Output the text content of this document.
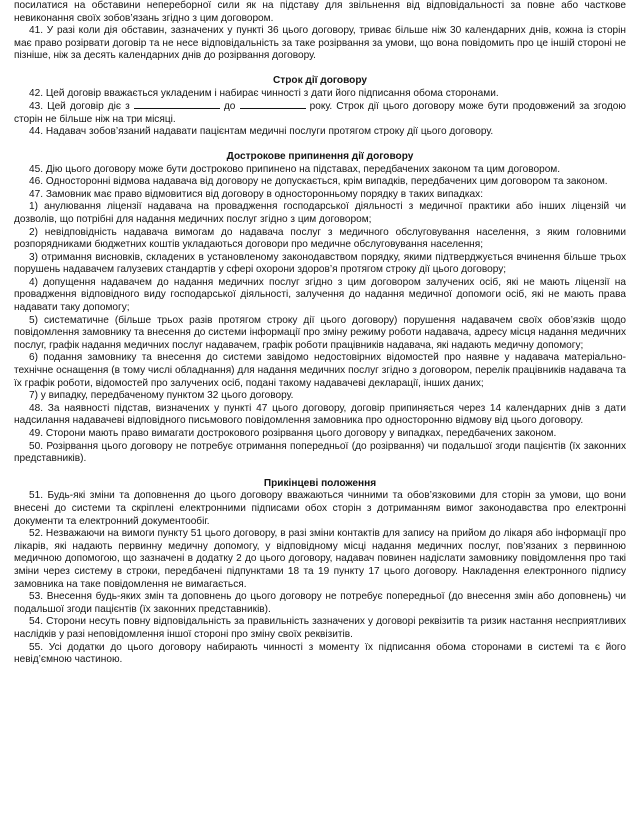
посилатися на обставини непереборної сили як на підставу для звільнення від відповідальності за повне або часткове невиконання своїх зобов’язань згідно з цим договором.

41. У разі коли дія обставин, зазначених у пункті 36 цього договору, триває більше ніж 30 календарних днів, кожна із сторін має право розірвати договір та не несе відповідальність за таке розірвання за умови, що вона повідомить про це іншій стороні не пізніше, ніж за десять календарних днів до розірвання договору.

Строк дії договору

42. Цей договір вважається укладеним і набирає чинності з дати його підписання обома сторонами.

43. Цей договір діє з	до	року. Строк дії цього договору може бути продовжений за згодою сторін не більше ніж на три місяці.

44. Надавач зобов’язаний надавати пацієнтам медичні послуги протягом строку дії цього договору.

Дострокове припинення дії договору

45. Дію цього договору може бути достроково припинено на підставах, передбачених законом та цим договором.

46. Односторонні відмова надавача від договору не допускається, крім випадків, передбачених цим договором та законом.

47. Замовник має право відмовитися від договору в односторонньому порядку в таких випадках:

1) анулювання ліцензії надавача на провадження господарської діяльності з медичної практики або інших ліцензій чи дозволів, що потрібні для надання медичних послуг згідно з цим договором;

2) невідповідність надавача вимогам до надавача послуг з медичного обслуговування населення, з яким головними розпорядниками бюджетних коштів укладаються договори про медичне обслуговування населення;

3) отримання висновків, складених в установленому законодавством порядку, якими підтверджується вчинення більше трьох порушень надавачем галузевих стандартів у сфері охорони здоров’я протягом строку дії цього договору;

4) допущення надавачем до надання медичних послуг згідно з цим договором залучених осіб, які не мають ліцензії на провадження відповідного виду господарської діяльності, залучення до надання медичної допомоги осіб, які не мають права надавати таку допомогу;

5) систематичне (більше трьох разів протягом строку дії цього договору) порушення надавачем своїх обов’язків щодо повідомлення замовнику та внесення до системи інформації про зміну режиму роботи надавача, адресу місця надання медичних послуг, графік надання медичних послуг надавачем, графік роботи працівників надавача, які надають медичну допомогу;

6) подання замовнику та внесення до системи завідомо недостовірних відомостей про наявне у надавача матеріально-технічне оснащення (в тому числі обладнання) для надання медичних послуг згідно з договором, перелік працівників надавача та їх графік роботи, відомостей про залучених осіб, подані такому надавачеві декларації, інших даних;

7) у випадку, передбаченому пунктом 32 цього договору.

48. За наявності підстав, визначених у пункті 47 цього договору, договір припиняється через 14 календарних днів з дати надсилання надавачеві відповідного письмового повідомлення замовника про односторонню відмову від цього договору.

49. Сторони мають право вимагати дострокового розірвання цього договору у випадках, передбачених законом.

50. Розірвання цього договору не потребує отримання попередньої (до розірвання) чи подальшої згоди пацієнтів (їх законних представників).

Прикінцеві положення

51. Будь-які зміни та доповнення до цього договору вважаються чинними та обов’язковими для сторін за умови, що вони внесені до системи та скріплені електронними підписами обох сторін з дотриманням вимог законодавства про електронні документи та електронний документообіг.

52. Незважаючи на вимоги пункту 51 цього договору, в разі зміни контактів для запису на прийом до лікаря або інформації про лікарів, які надають первинну медичну допомогу, у відповідному місці надання медичних послуг, пов’язаних з первинною медичною допомогою, що зазначені в додатку 2 до цього договору, надавач повинен надіслати замовнику повідомлення про такі зміни через систему в строки, передбачені підпунктами 18 та 19 пункту 17 цього договору. Накладення електронного підпису замовника на таке повідомлення не вимагається.

53. Внесення будь-яких змін та доповнень до цього договору не потребує попередньої (до внесення змін або доповнень) чи подальшої згоди пацієнтів (їх законних представників).

54. Сторони несуть повну відповідальність за правильність зазначених у договорі реквізитів та ризик настання несприятливих наслідків у разі неповідомлення іншої стороні про зміну своїх реквізитів.

55. Усі додатки до цього договору набирають чинності з моменту їх підписання обома сторонами в системі та є його невід’ємною частиною.
